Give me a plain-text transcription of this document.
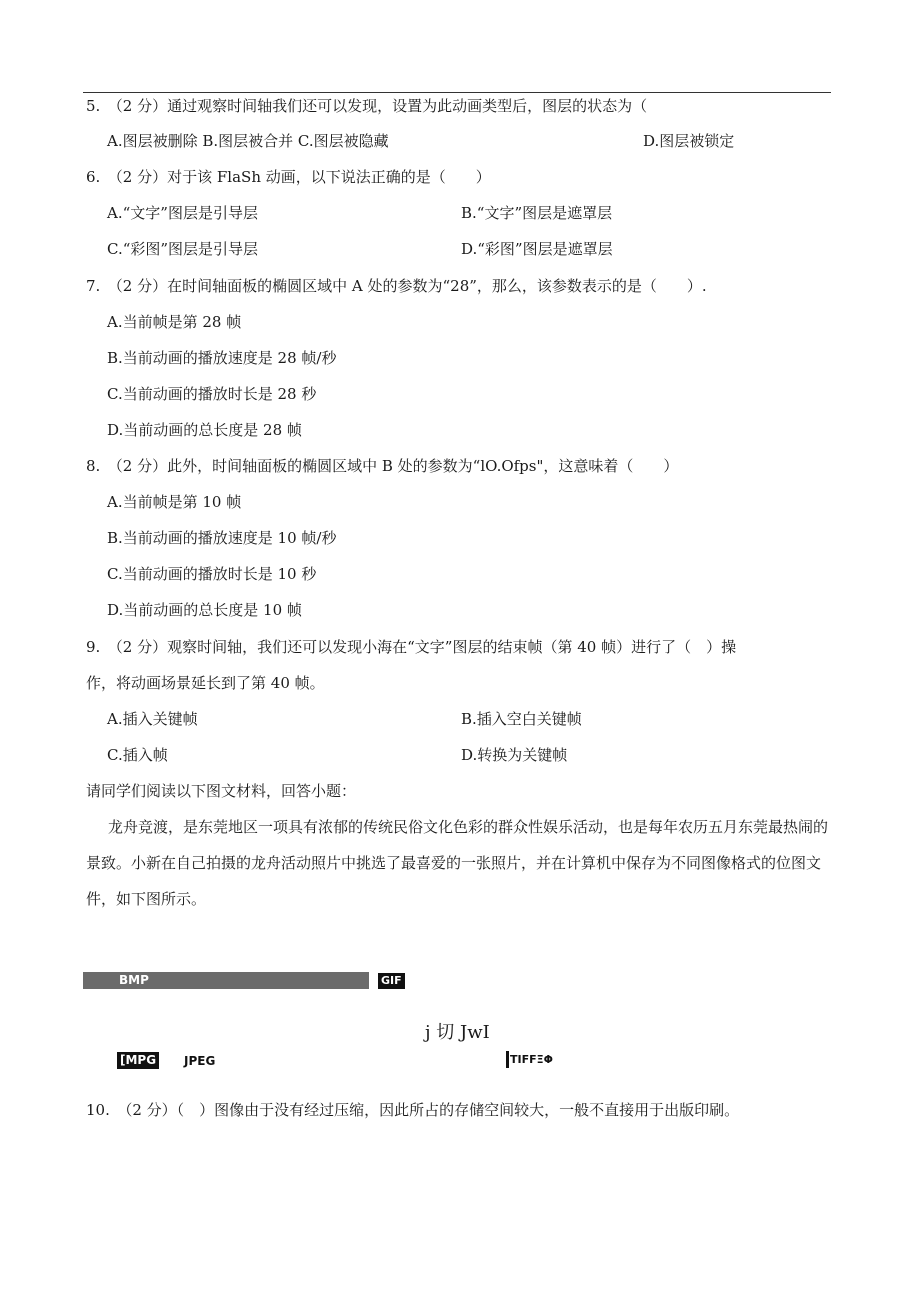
5.　（2 分）通过观察时间轴我们还可以发现，设置为此动画类型后，图层的状态为（
A.图层被删除 B.图层被合并 C.图层被隐藏	D.图层被锁定
6.　（2 分）对于该 FlaSh 动画，以下说法正确的是（　　）
A.“文字”图层是引导层	B.“文字”图层是遮罩层
C.“彩图”图层是引导层	D.“彩图”图层是遮罩层
7.　（2 分）在时间轴面板的椭圆区域中 A 处的参数为“28”，那么，该参数表示的是（　　）.
A.当前帧是第 28 帧
B.当前动画的播放速度是 28 帧/秒
C.当前动画的播放时长是 28 秒
D.当前动画的总长度是 28 帧
8.　（2 分）此外，时间轴面板的椭圆区域中 B 处的参数为“lO.Ofps"，这意味着（　　）
A.当前帧是第 10 帧
B.当前动画的播放速度是 10 帧/秒
C.当前动画的播放时长是 10 秒
D.当前动画的总长度是 10 帧
9.　（2 分）观察时间轴，我们还可以发现小海在“文字”图层的结束帧（第 40 帧）进行了（　）操
作，将动画场景延长到了第 40 帧。
A.插入关键帧	B.插入空白关键帧
C.插入帧	D.转换为关键帧
请同学们阅读以下图文材料，回答小题：
龙舟竞渡，是东莞地区一项具有浓郁的传统民俗文化色彩的群众性娱乐活动，也是每年农历五月东莞最热闹的景致。小新在自己拍摄的龙舟活动照片中挑选了最喜爱的一张照片，并在计算机中保存为不同图像格式的位图文件，如下图所示。
BMP	GIF
j 切 JwI
[MPG JPEG	TIFFΞΦ
10.　（2 分）（　）图像由于没有经过压缩，因此所占的存储空间较大，一般不直接用于出版印刷。
